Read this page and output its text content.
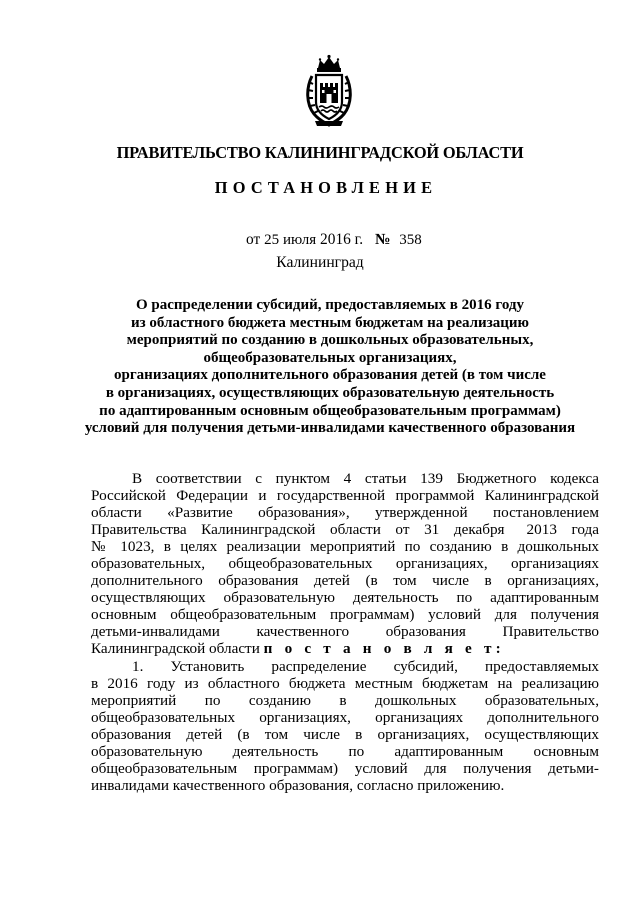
ПРАВИТЕЛЬСТВО КАЛИНИНГРАДСКОЙ ОБЛАСТИ
ПОСТАНОВЛЕНИЕ
от 25 июля 2016 г. № 358
Калининград
О распределении субсидий, предоставляемых в 2016 году
из областного бюджета местным бюджетам на реализацию
мероприятий по созданию в дошкольных образовательных,
общеобразовательных организациях,
организациях дополнительного образования детей (в том числе
в организациях, осуществляющих образовательную деятельность
по адаптированным основным общеобразовательным программам)
условий для получения детьми-инвалидами качественного образования
В соответствии с пунктом 4 статьи 139 Бюджетного кодекса
Российской Федерации и государственной программой Калининградской
области «Развитие образования», утвержденной постановлением
Правительства Калининградской области от 31 декабря 2013 года
№ 1023, в целях реализации мероприятий по созданию в дошкольных
образовательных, общеобразовательных организациях, организациях
дополнительного образования детей (в том числе в организациях,
осуществляющих образовательную деятельность по адаптированным
основным общеобразовательным программам) условий для получения
детьми-инвалидами качественного образования Правительство
Калининградской области п о с т а н о в л я е т:
1. Установить распределение субсидий, предоставляемых
в 2016 году из областного бюджета местным бюджетам на реализацию
мероприятий по созданию в дошкольных образовательных,
общеобразовательных организациях, организациях дополнительного
образования детей (в том числе в организациях, осуществляющих
образовательную деятельность по адаптированным основным
общеобразовательным программам) условий для получения детьми-
инвалидами качественного образования, согласно приложению.
